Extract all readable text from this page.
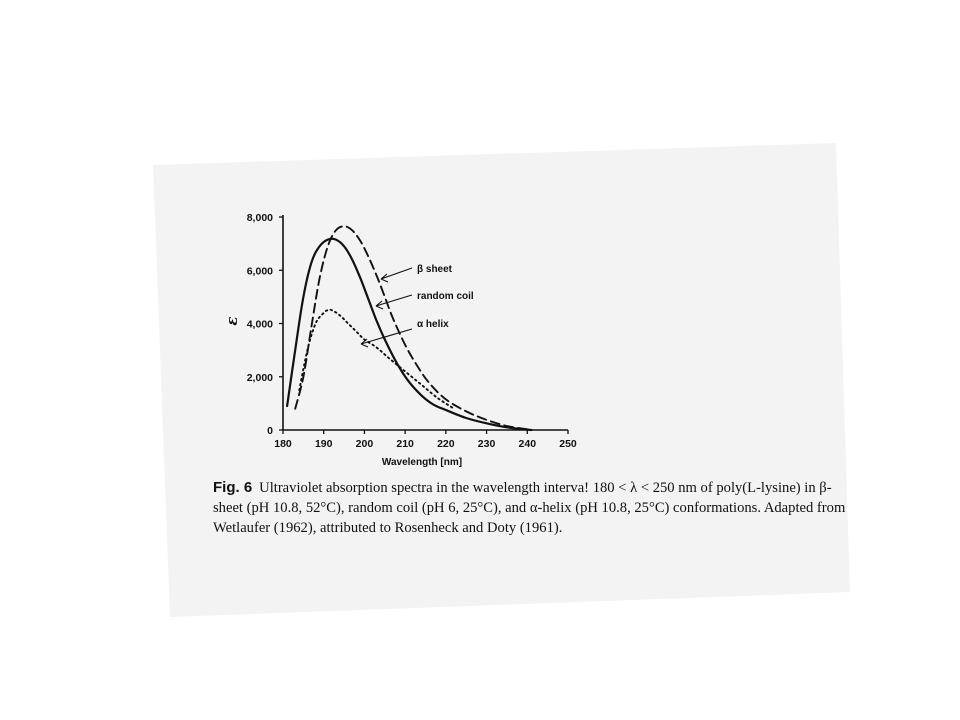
180 190 200 210 220 230 240 250
0
2,000
4,000
6,000
8,000
Wavelength [nm]
ε
β sheet
random coil
α helix

Fig. 6 Ultraviolet absorption spectra in the wavelength interva! 180 < λ < 250 nm of poly(L-lysine) in β-sheet (pH 10.8, 52°C), random coil (pH 6, 25°C), and α-helix (pH 10.8, 25°C) conformations. Adapted from Wetlaufer (1962), attributed to Rosenheck and Doty (1961).
